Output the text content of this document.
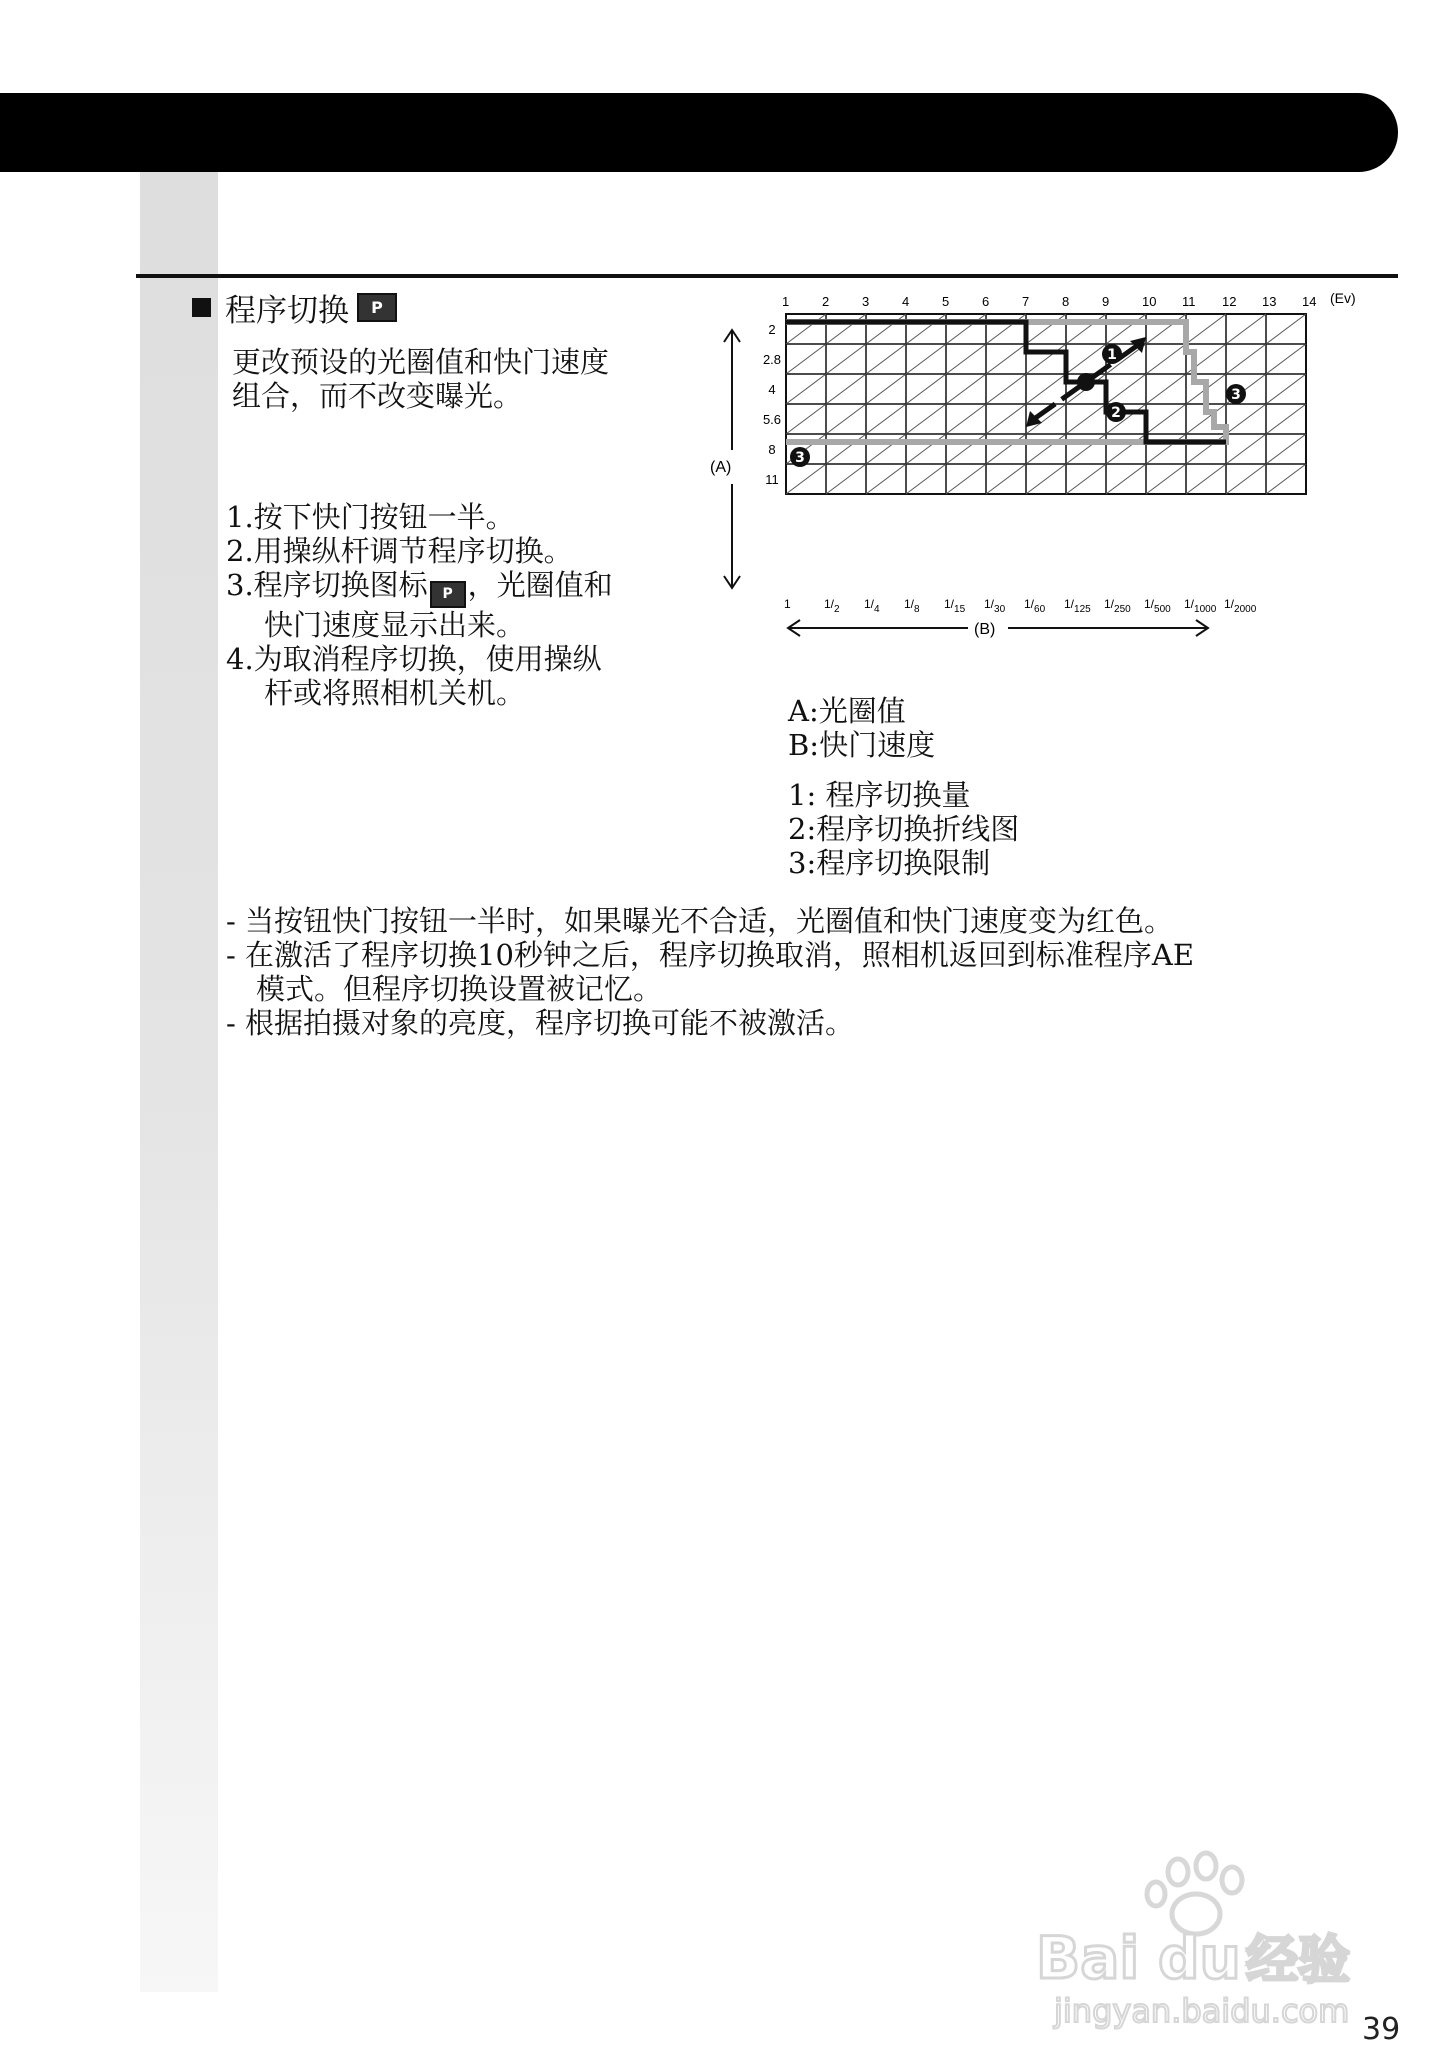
程序切换	P
更改预设的光圈值和快门速度
组合，而不改变曝光。
1.按下快门按钮一半。
2.用操纵杆调节程序切换。
3.程序切换图标 P ，光圈值和
快门速度显示出来。
4.为取消程序切换，使用操纵
杆或将照相机关机。
1	2	3	4	5	6	7	8	9	10 11 12 13 14 (Ev)
2
2.8
4
5.6
8
11
1	$1/_2$ $1/_4$ $1/_8$ $1/_{15}$ $1/_{30}$ $1/_{60}$ $1/_{125}$ $1/_{250}$ $1/_{500}$ $1/_{1000}$ $1/_{2000}$
(A)
(B)
1
2
3
3
A:光圈值
B:快门速度
1: 程序切换量
2:程序切换折线图
3:程序切换限制
- 当按钮快门按钮一半时，如果曝光不合适，光圈值和快门速度变为红色。
- 在激活了程序切换10秒钟之后，程序切换取消，照相机返回到标准程序AE
模式。但程序切换设置被记忆。
- 根据拍摄对象的亮度，程序切换可能不被激活。
Bai du 经验
jingyan.baidu.com 39
